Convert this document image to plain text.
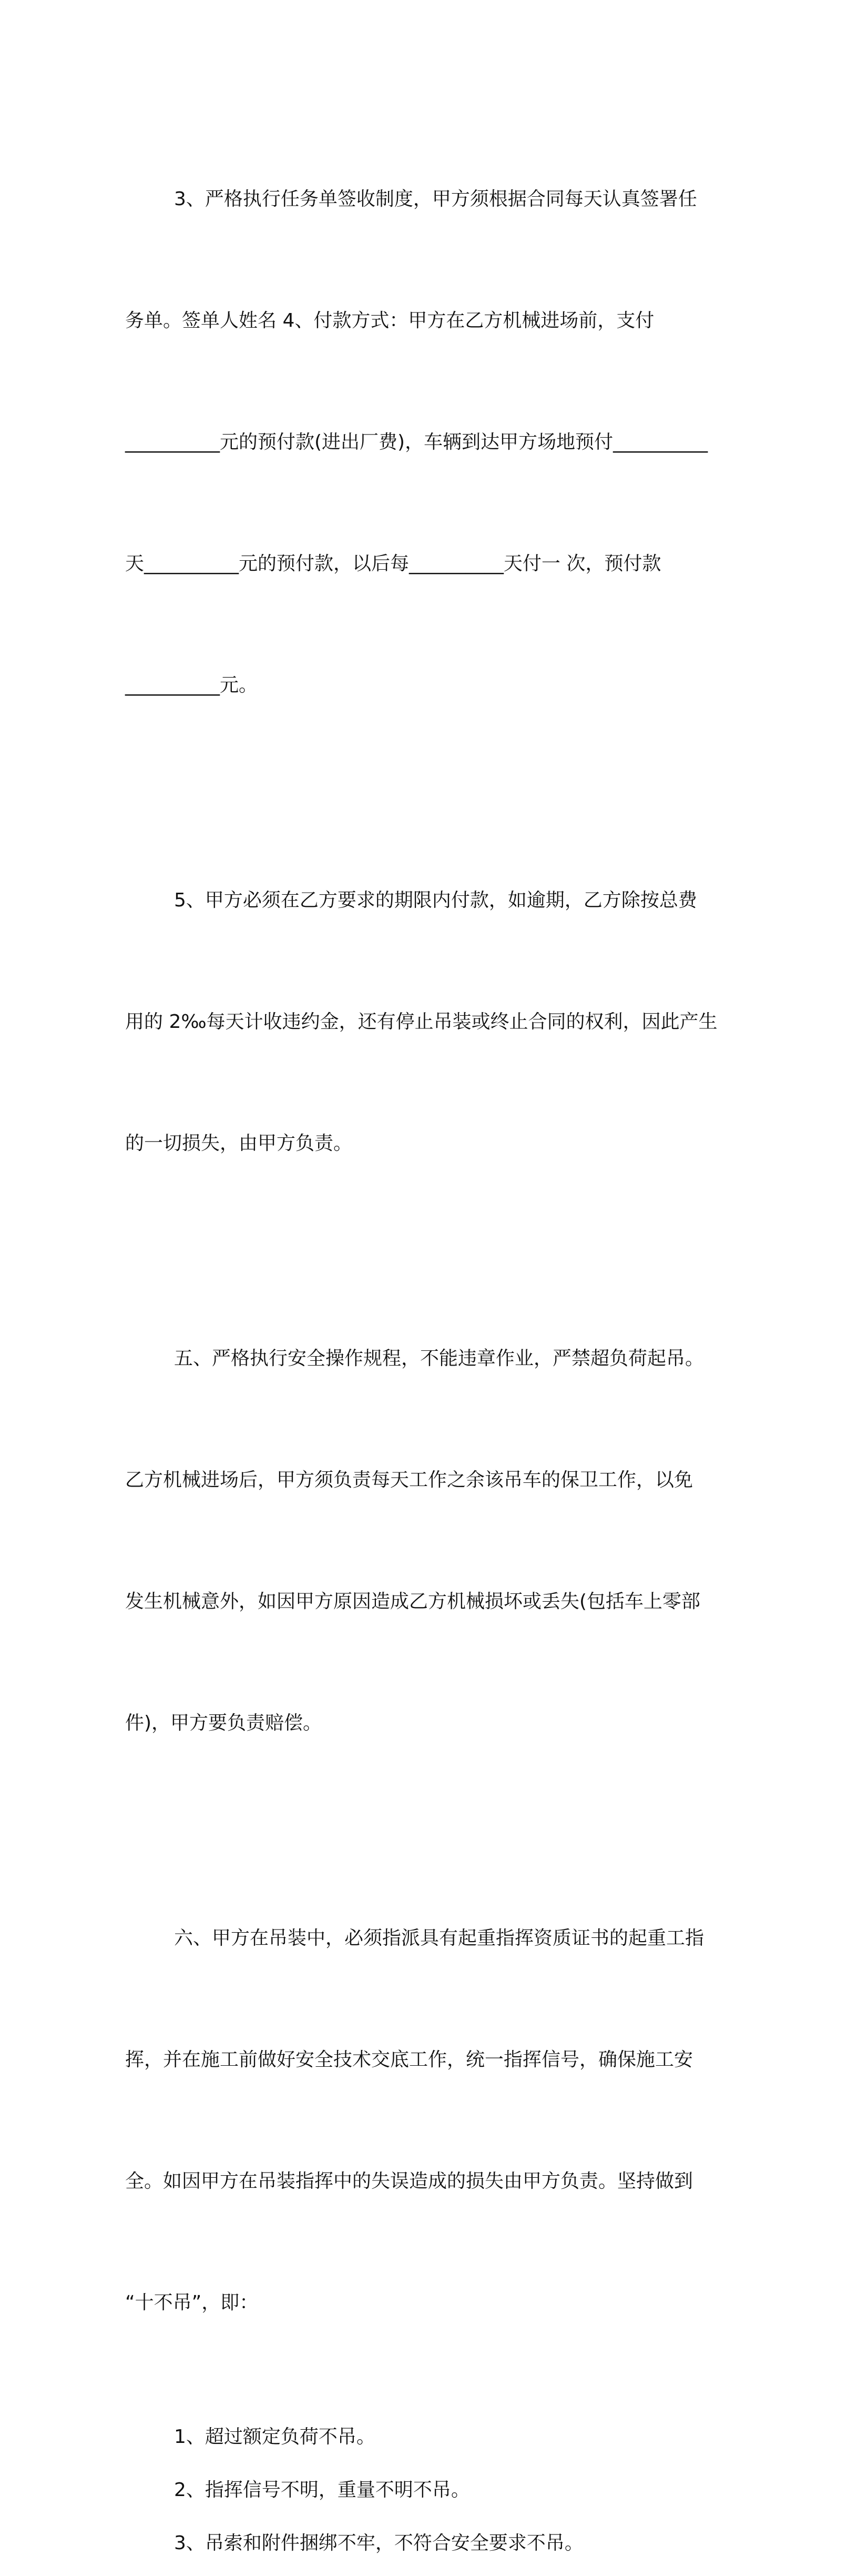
3、严格执行任务单签收制度，甲方须根据合同每天认真签署任

务单。签单人姓名 4、付款方式：甲方在乙方机械进场前，支付

__________元的预付款(进出厂费)，车辆到达甲方场地预付__________

天__________元的预付款，以后每__________天付一 次，预付款

__________元。

5、甲方必须在乙方要求的期限内付款，如逾期，乙方除按总费

用的 2‰每天计收违约金，还有停止吊装或终止合同的权利，因此产生

的一切损失，由甲方负责。

五、严格执行安全操作规程，不能违章作业，严禁超负荷起吊。

乙方机械进场后，甲方须负责每天工作之余该吊车的保卫工作，以免

发生机械意外，如因甲方原因造成乙方机械损坏或丢失(包括车上零部

件)，甲方要负责赔偿。

六、甲方在吊装中，必须指派具有起重指挥资质证书的起重工指

挥，并在施工前做好安全技术交底工作，统一指挥信号，确保施工安

全。如因甲方在吊装指挥中的失误造成的损失由甲方负责。坚持做到

“十不吊”，即：

1、超过额定负荷不吊。
2、指挥信号不明，重量不明不吊。
3、吊索和附件捆绑不牢，不符合安全要求不吊。
